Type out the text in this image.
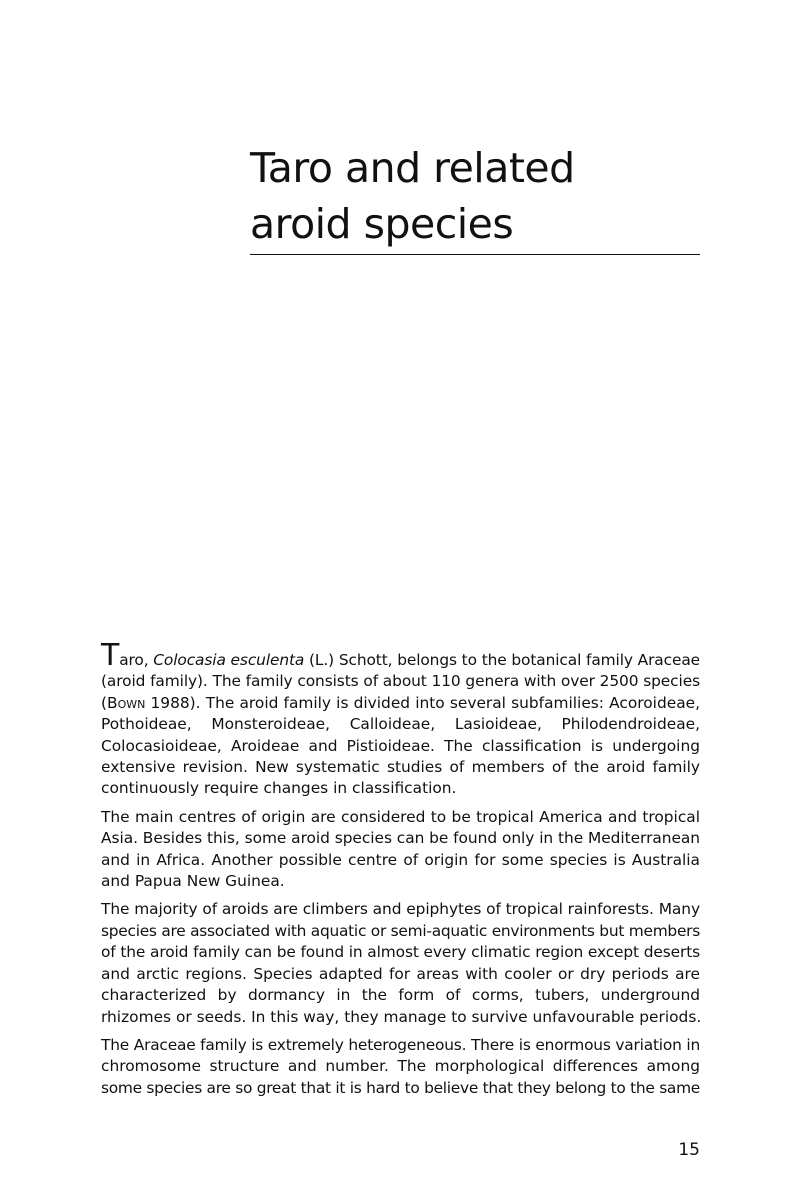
Taro and related
aroid species

Taro, Colocasia esculenta (L.) Schott, belongs to the botanical family Araceae
(aroid family). The family consists of about 110 genera with over 2500 species
(Bown 1988). The aroid family is divided into several subfamilies: Acoroideae,
Pothoideae, Monsteroideae, Calloideae, Lasioideae, Philodendroideae,
Colocasioideae, Aroideae and Pistioideae. The classification is undergoing
extensive revision. New systematic studies of members of the aroid family
continuously require changes in classification.

The main centres of origin are considered to be tropical America and tropical
Asia. Besides this, some aroid species can be found only in the Mediterranean
and in Africa. Another possible centre of origin for some species is Australia
and Papua New Guinea.

The majority of aroids are climbers and epiphytes of tropical rainforests. Many
species are associated with aquatic or semi-aquatic environments but members
of the aroid family can be found in almost every climatic region except deserts
and arctic regions. Species adapted for areas with cooler or dry periods are
characterized by dormancy in the form of corms, tubers, underground
rhizomes or seeds. In this way, they manage to survive unfavourable periods.

The Araceae family is extremely heterogeneous. There is enormous variation in
chromosome structure and number. The morphological differences among
some species are so great that it is hard to believe that they belong to the same

15
